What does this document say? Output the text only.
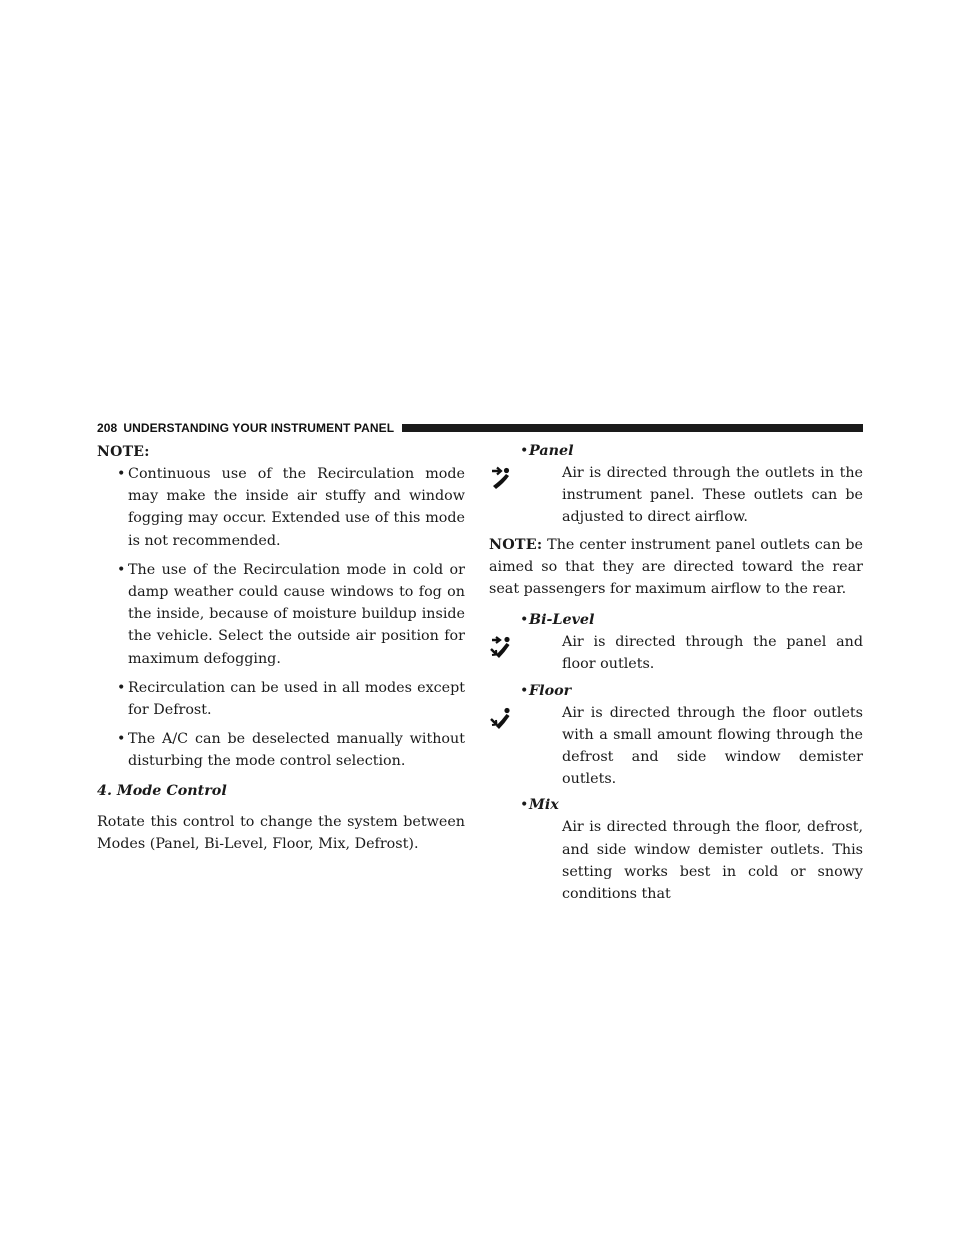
208 UNDERSTANDING YOUR INSTRUMENT PANEL
NOTE:
• Continuous use of the Recirculation mode may make the inside air stuffy and window fogging may occur. Extended use of this mode is not recommended.
• The use of the Recirculation mode in cold or damp weather could cause windows to fog on the inside, because of moisture buildup inside the vehicle. Select the outside air position for maximum defogging.
• Recirculation can be used in all modes except for Defrost.
• The A/C can be deselected manually without disturbing the mode control selection.
4. Mode Control
Rotate this control to change the system between Modes (Panel, Bi-Level, Floor, Mix, Defrost).
• Panel
Air is directed through the outlets in the instrument panel. These outlets can be adjusted to direct airflow.
NOTE: The center instrument panel outlets can be aimed so that they are directed toward the rear seat passengers for maximum airflow to the rear.
• Bi-Level
Air is directed through the panel and floor outlets.
• Floor
Air is directed through the floor outlets with a small amount flowing through the defrost and side window demister outlets.
• Mix
Air is directed through the floor, defrost, and side window demister outlets. This setting works best in cold or snowy conditions that
